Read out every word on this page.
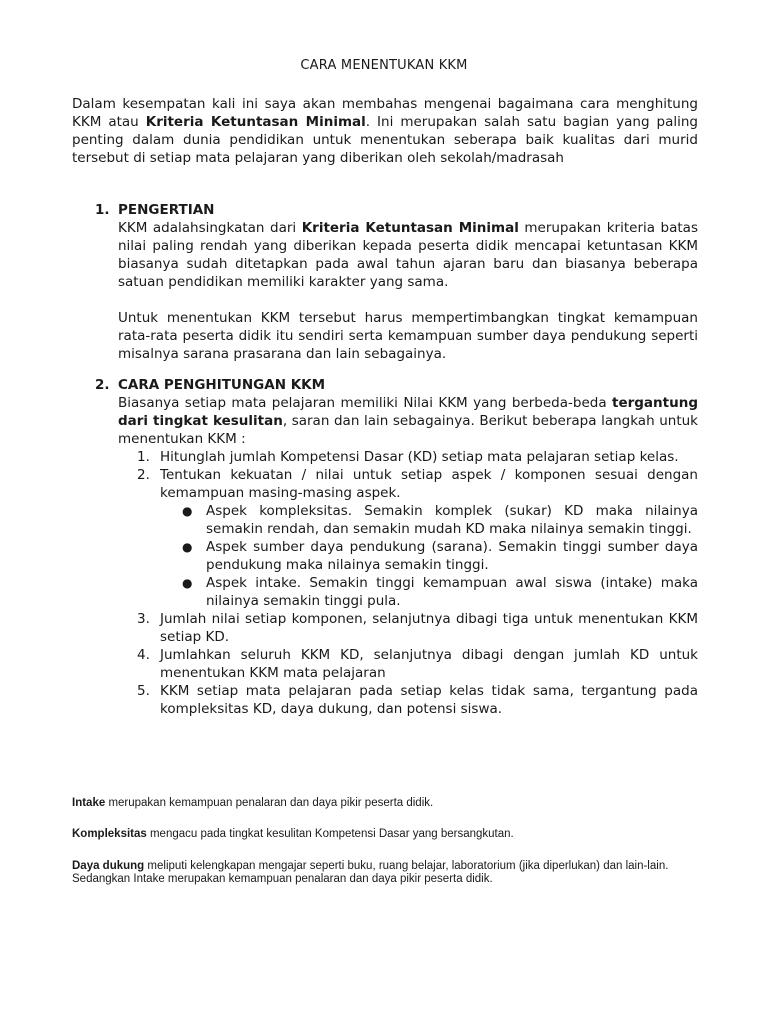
CARA MENENTUKAN KKM
Dalam kesempatan kali ini saya akan membahas mengenai bagaimana cara menghitung KKM atau Kriteria Ketuntasan Minimal. Ini merupakan salah satu bagian yang paling penting dalam dunia pendidikan untuk menentukan seberapa baik kualitas dari murid tersebut di setiap mata pelajaran yang diberikan oleh sekolah/madrasah
1. PENGERTIAN
KKM adalahsingkatan dari Kriteria Ketuntasan Minimal merupakan kriteria batas nilai paling rendah yang diberikan kepada peserta didik mencapai ketuntasan KKM biasanya sudah ditetapkan pada awal tahun ajaran baru dan biasanya beberapa satuan pendidikan memiliki karakter yang sama.
Untuk menentukan KKM tersebut harus mempertimbangkan tingkat kemampuan rata-rata peserta didik itu sendiri serta kemampuan sumber daya pendukung seperti misalnya sarana prasarana dan lain sebagainya.
2. CARA PENGHITUNGAN KKM
Biasanya setiap mata pelajaran memiliki Nilai KKM yang berbeda-beda tergantung dari tingkat kesulitan, saran dan lain sebagainya. Berikut beberapa langkah untuk menentukan KKM :
1. Hitunglah jumlah Kompetensi Dasar (KD) setiap mata pelajaran setiap kelas.
2. Tentukan kekuatan / nilai untuk setiap aspek / komponen sesuai dengan kemampuan masing-masing aspek.
●	Aspek kompleksitas. Semakin komplek (sukar) KD maka nilainya semakin rendah, dan semakin mudah KD maka nilainya semakin tinggi.
●	Aspek sumber daya pendukung (sarana). Semakin tinggi sumber daya pendukung maka nilainya semakin tinggi.
●	Aspek intake. Semakin tinggi kemampuan awal siswa (intake) maka nilainya semakin tinggi pula.
3. Jumlah nilai setiap komponen, selanjutnya dibagi tiga untuk menentukan KKM setiap KD.
4. Jumlahkan seluruh KKM KD, selanjutnya dibagi dengan jumlah KD untuk menentukan KKM mata pelajaran
5. KKM setiap mata pelajaran pada setiap kelas tidak sama, tergantung pada kompleksitas KD, daya dukung, dan potensi siswa.
Intake merupakan kemampuan penalaran dan daya pikir peserta didik.
Kompleksitas mengacu pada tingkat kesulitan Kompetensi Dasar yang bersangkutan.
Daya dukung meliputi kelengkapan mengajar seperti buku, ruang belajar, laboratorium (jika diperlukan) dan lain-lain. Sedangkan Intake merupakan kemampuan penalaran dan daya pikir peserta didik.
